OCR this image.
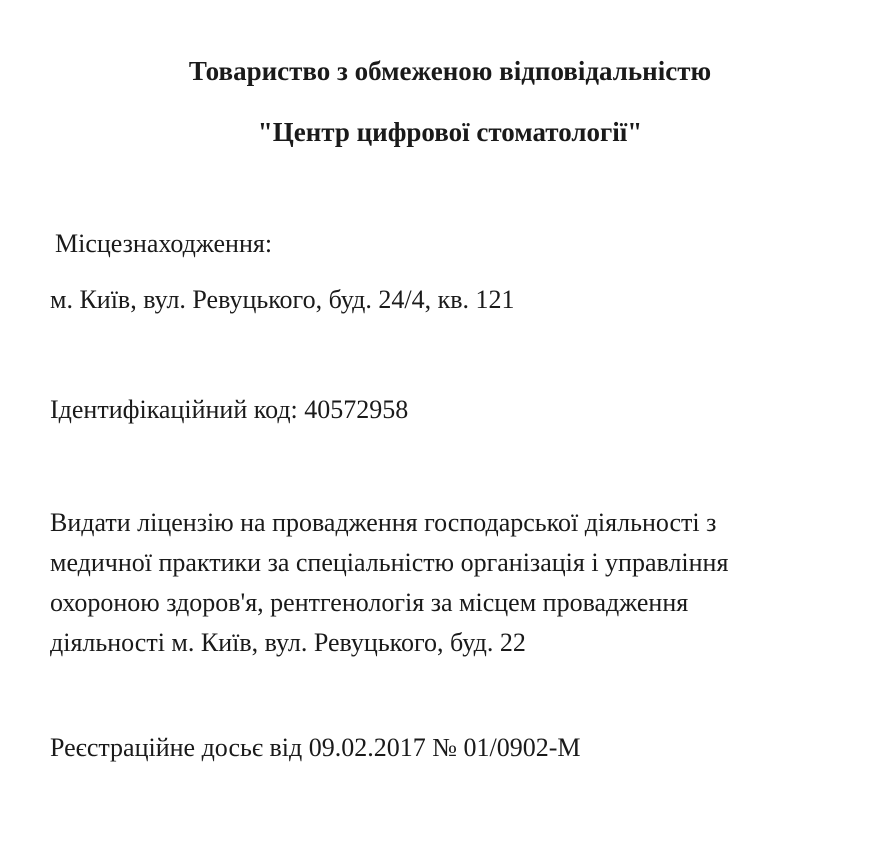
Товариство з обмеженою відповідальністю
"Центр цифрової стоматології"
Місцезнаходження:
м. Київ, вул. Ревуцького, буд. 24/4, кв. 121
Ідентифікаційний код: 40572958
Видати ліцензію на провадження господарської діяльності з
медичної практики за спеціальністю організація і управління
охороною здоров'я, рентгенологія за місцем провадження
діяльності м. Київ, вул. Ревуцького, буд. 22
Реєстраційне досьє від 09.02.2017 № 01/0902-М
